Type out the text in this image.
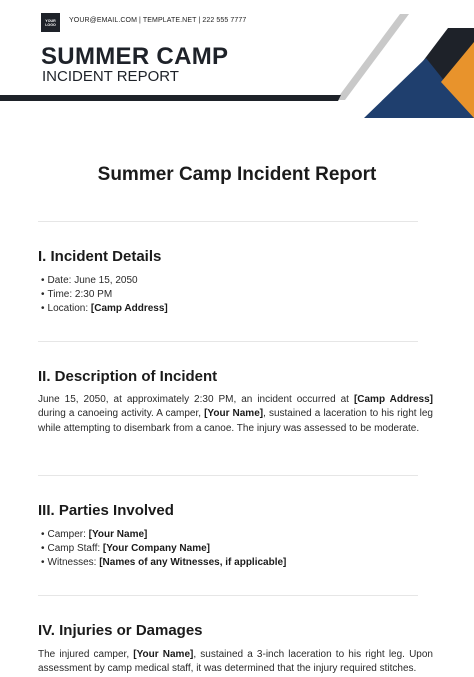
YOUR LOGO
YOUR@EMAIL.COM | TEMPLATE.NET | 222 555 7777
SUMMER CAMP
INCIDENT REPORT
Summer Camp Incident Report
I. Incident Details
• Date: June 15, 2050
• Time: 2:30 PM
• Location: [Camp Address]
II. Description of Incident

June 15, 2050, at approximately 2:30 PM, an incident occurred at [Camp Address] during a canoeing activity. A camper, [Your Name], sustained a laceration to his right leg while attempting to disembark from a canoe. The injury was assessed to be moderate.

III. Parties Involved
• Camper: [Your Name]
• Camp Staff: [Your Company Name]
• Witnesses: [Names of any Witnesses, if applicable]
IV. Injuries or Damages

The injured camper, [Your Name], sustained a 3-inch laceration to his right leg. Upon assessment by camp medical staff, it was determined that the injury required stitches.
